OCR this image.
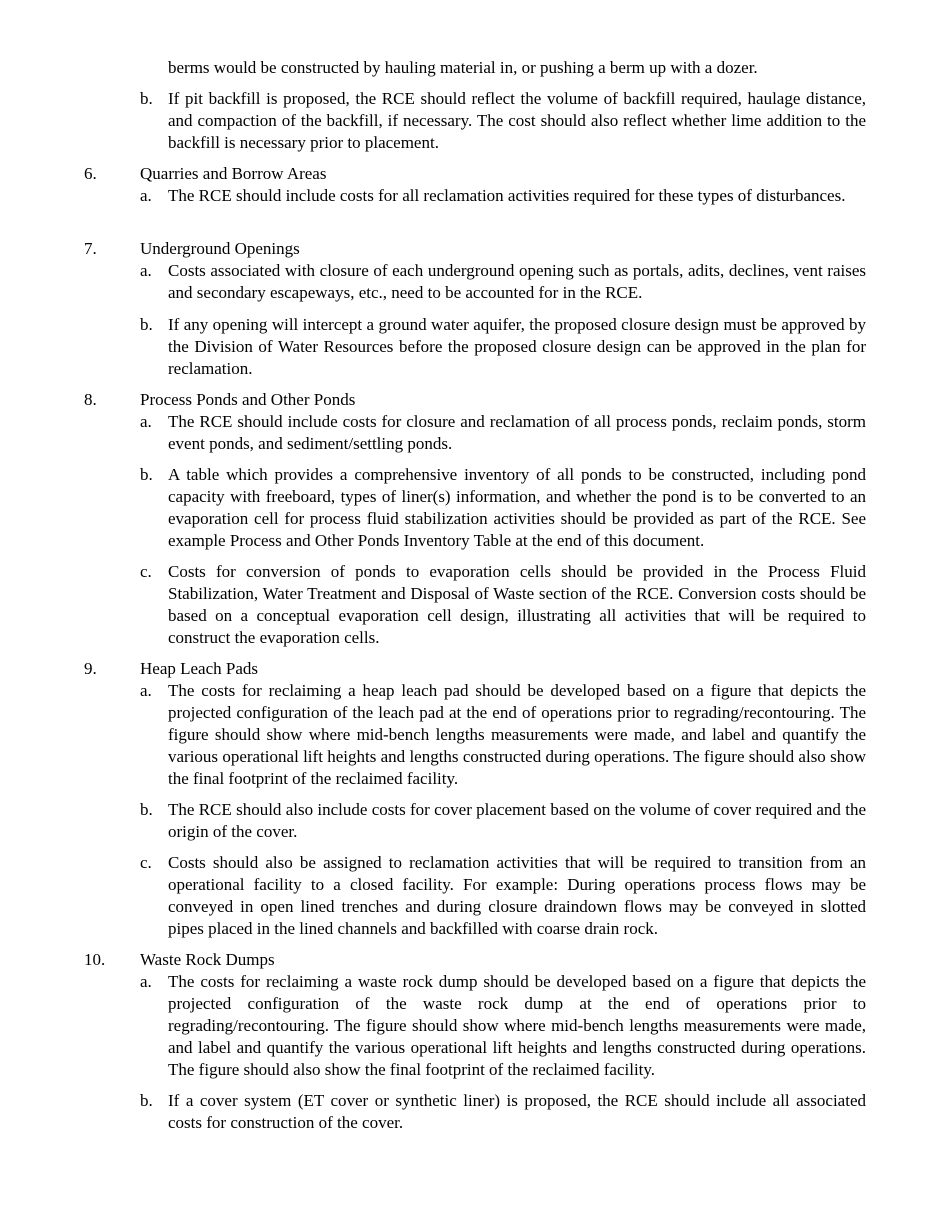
berms would be constructed by hauling material in, or pushing a berm up with a dozer.
b. If pit backfill is proposed, the RCE should reflect the volume of backfill required, haulage distance, and compaction of the backfill, if necessary. The cost should also reflect whether lime addition to the backfill is necessary prior to placement.
6.	Quarries and Borrow Areas
a. The RCE should include costs for all reclamation activities required for these types of disturbances.
7.	Underground Openings
a. Costs associated with closure of each underground opening such as portals, adits, declines, vent raises and secondary escapeways, etc., need to be accounted for in the RCE.
b. If any opening will intercept a ground water aquifer, the proposed closure design must be approved by the Division of Water Resources before the proposed closure design can be approved in the plan for reclamation.
8.	Process Ponds and Other Ponds
a. The RCE should include costs for closure and reclamation of all process ponds, reclaim ponds, storm event ponds, and sediment/settling ponds.
b. A table which provides a comprehensive inventory of all ponds to be constructed, including pond capacity with freeboard, types of liner(s) information, and whether the pond is to be converted to an evaporation cell for process fluid stabilization activities should be provided as part of the RCE. See example Process and Other Ponds Inventory Table at the end of this document.
c. Costs for conversion of ponds to evaporation cells should be provided in the Process Fluid Stabilization, Water Treatment and Disposal of Waste section of the RCE. Conversion costs should be based on a conceptual evaporation cell design, illustrating all activities that will be required to construct the evaporation cells.
9.	Heap Leach Pads
a. The costs for reclaiming a heap leach pad should be developed based on a figure that depicts the projected configuration of the leach pad at the end of operations prior to regrading/recontouring. The figure should show where mid-bench lengths measurements were made, and label and quantify the various operational lift heights and lengths constructed during operations. The figure should also show the final footprint of the reclaimed facility.
b. The RCE should also include costs for cover placement based on the volume of cover required and the origin of the cover.
c. Costs should also be assigned to reclamation activities that will be required to transition from an operational facility to a closed facility. For example: During operations process flows may be conveyed in open lined trenches and during closure draindown flows may be conveyed in slotted pipes placed in the lined channels and backfilled with coarse drain rock.
10. Waste Rock Dumps
a. The costs for reclaiming a waste rock dump should be developed based on a figure that depicts the projected configuration of the waste rock dump at the end of operations prior to regrading/recontouring. The figure should show where mid-bench lengths measurements were made, and label and quantify the various operational lift heights and lengths constructed during operations. The figure should also show the final footprint of the reclaimed facility.
b. If a cover system (ET cover or synthetic liner) is proposed, the RCE should include all associated costs for construction of the cover.
